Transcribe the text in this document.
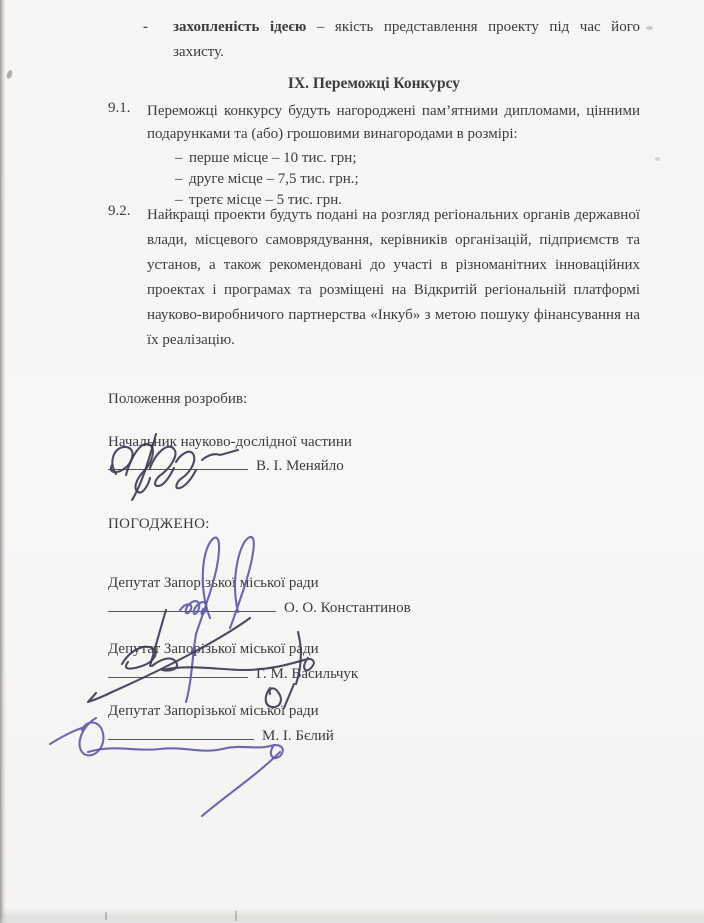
- захопленість ідеєю – якість представлення проекту під час його захисту.
IX. Переможці Конкурсу
9.1. Переможці конкурсу будуть нагороджені пам’ятними дипломами, цінними подарунками та (або) грошовими винагородами в розмірі:
– перше місце – 10 тис. грн;
– друге місце – 7,5 тис. грн.;
– третє місце – 5 тис. грн.
9.2. Найкращі проекти будуть подані на розгляд регіональних органів державної влади, місцевого самоврядування, керівників організацій, підприємств та установ, а також рекомендовані до участі в різноманітних інноваційних проектах і програмах та розміщені на Відкритій регіональній платформі науково-виробничого партнерства «Інкуб» з метою пошуку фінансування на їх реалізацію.
Положення розробив:
Начальник науково-дослідної частини
В. І. Меняйло
ПОГОДЖЕНО:
Депутат Запорізької міської ради
О. О. Константинов
Депутат Запорізької міської ради
Г. М. Васильчук
Депутат Запорізької міської ради
М. І. Бєлий
